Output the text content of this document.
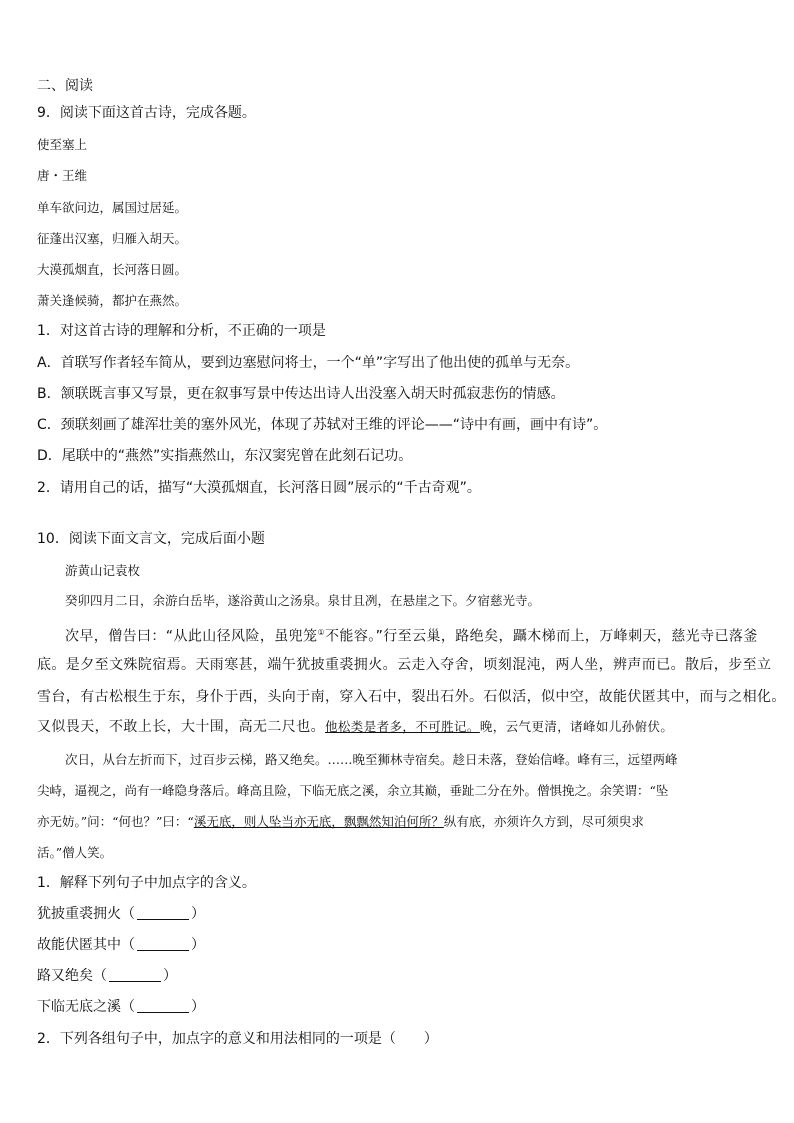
二、阅读
9．阅读下面这首古诗，完成各题。
使至塞上
唐・王维
单车欲问边，属国过居延。
征蓬出汉塞，归雁入胡天。
大漠孤烟直，长河落日圆。
萧关逢候骑，都护在燕然。
1．对这首古诗的理解和分析，不正确的一项是
A．首联写作者轻车简从，要到边塞慰问将士，一个“单”字写出了他出使的孤单与无奈。
B．颔联既言事又写景，更在叙事写景中传达出诗人出没塞入胡天时孤寂悲伤的情感。
C．颈联刻画了雄浑壮美的塞外风光，体现了苏轼对王维的评论——“诗中有画，画中有诗”。
D．尾联中的“燕然”实指燕然山，东汉窦宪曾在此刻石记功。
2．请用自己的话，描写“大漠孤烟直，长河落日圆”展示的“千古奇观”。
10．阅读下面文言文，完成后面小题
游黄山记袁枚
癸卯四月二日，余游白岳毕，遂浴黄山之汤泉。泉甘且冽，在悬崖之下。夕宿慈光寺。
次早，僧告曰：“从此山径风险，虽兜笼①不能容。”行至云巢，路绝矣，躡木梯而上，万峰刺天，慈光寺已落釜
底。是夕至文殊院宿焉。天雨寒甚，端午犹披重裘拥火。云走入夺舍，顷刻混沌，两人坐，辨声而已。散后，步至立
雪台，有古松根生于东，身仆于西，头向于南，穿入石中，裂出石外。石似活，似中空，故能伏匿其中，而与之相化。
又似畏天，不敢上长，大十围，高无二尺也。他松类是者多，不可胜记。晚，云气更清，诸峰如儿孙俯伏。
次日，从台左折而下，过百步云梯，路又绝矣。……晚至狮林寺宿矣。趁日未落，登始信峰。峰有三，远望两峰
尖峙，逼视之，尚有一峰隐身落后。峰高且险，下临无底之溪，余立其巅，垂趾二分在外。僧惧挽之。余笑谓：“坠
亦无妨。”问：“何也？”曰：“溪无底，则人坠当亦无底，飘飘然知泊何所？纵有底，亦须许久方到，尽可须臾求
活。”僧人笑。
1．解释下列句子中加点字的含义。
犹披重裘拥火（	）
故能伏匿其中（	）
路又绝矣（	）
下临无底之溪（	）
2．下列各组句子中，加点字的意义和用法相同的一项是（　　）
